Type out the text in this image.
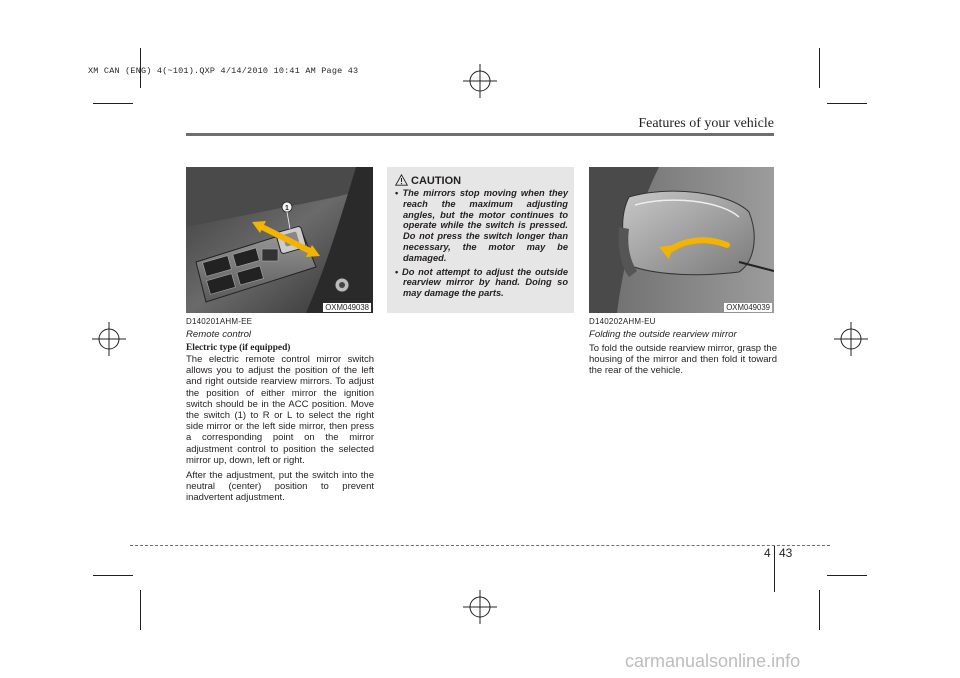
XM CAN (ENG) 4(~101).QXP 4/14/2010 10:41 AM Page 43
Features of your vehicle
1
OXM049038
D140201AHM-EE
Remote control
Electric type (if equipped)

The electric remote control mirror switch allows you to adjust the position of the left and right outside rearview mirrors. To adjust the position of either mirror the ignition switch should be in the ACC position. Move the switch (1) to R or L to select the right side mirror or the left side mirror, then press a corresponding point on the mirror adjustment control to position the selected mirror up, down, left or right.

After the adjustment, put the switch into the neutral (center) position to prevent inadvertent adjustment.

CAUTION
• The mirrors stop moving when they reach the maximum adjusting angles, but the motor continues to operate while the switch is pressed. Do not press the switch longer than necessary, the motor may be damaged.
• Do not attempt to adjust the outside rearview mirror by hand. Doing so may damage the parts.
OXM049039
D140202AHM-EU
Folding the outside rearview mirror

To fold the outside rearview mirror, grasp the housing of the mirror and then fold it toward the rear of the vehicle.

4 43
carmanualsonline.info
